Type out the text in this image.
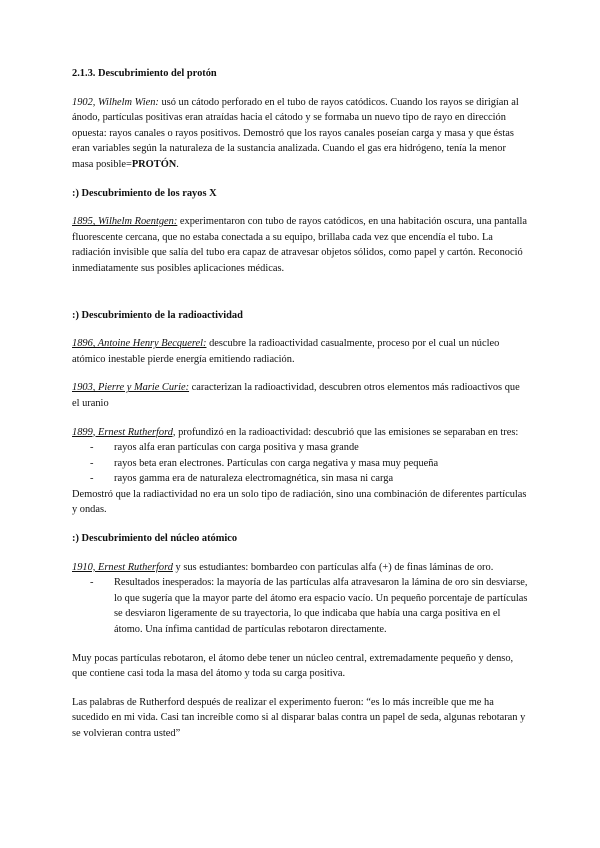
2.1.3. Descubrimiento del protón

1902, Wilhelm Wien: usó un cátodo perforado en el tubo de rayos catódicos. Cuando los rayos se dirigían al ánodo, partículas positivas eran atraídas hacia el cátodo y se formaba un nuevo tipo de rayo en dirección opuesta: rayos canales o rayos positivos. Demostró que los rayos canales poseían carga y masa y que éstas eran variables según la naturaleza de la sustancia analizada. Cuando el gas era hidrógeno, tenía la menor masa posible=PROTÓN.

:) Descubrimiento de los rayos X

1895, Wilhelm Roentgen: experimentaron con tubo de rayos catódicos, en una habitación oscura, una pantalla fluorescente cercana, que no estaba conectada a su equipo, brillaba cada vez que encendía el tubo. La radiación invisible que salía del tubo era capaz de atravesar objetos sólidos, como papel y cartón. Reconoció inmediatamente sus posibles aplicaciones médicas.

:) Descubrimiento de la radioactividad

1896, Antoine Henry Becquerel: descubre la radioactividad casualmente, proceso por el cual un núcleo atómico inestable pierde energía emitiendo radiación.

1903, Pierre y Marie Curie: caracterizan la radioactividad, descubren otros elementos más radioactivos que el uranio

1899, Ernest Rutherford, profundizó en la radioactividad: descubrió que las emisiones se separaban en tres:

- rayos alfa eran partículas con carga positiva y masa grande
- rayos beta eran electrones. Partículas con carga negativa y masa muy pequeña
- rayos gamma era de naturaleza electromagnética, sin masa ni carga

Demostró que la radiactividad no era un solo tipo de radiación, sino una combinación de diferentes partículas y ondas.

:) Descubrimiento del núcleo atómico

1910, Ernest Rutherford y sus estudiantes: bombardeo con partículas alfa (+) de finas láminas de oro.

- Resultados inesperados: la mayoría de las partículas alfa atravesaron la lámina de oro sin desviarse, lo que sugería que la mayor parte del átomo era espacio vacío. Un pequeño porcentaje de partículas se desviaron ligeramente de su trayectoria, lo que indicaba que había una carga positiva en el átomo. Una ínfima cantidad de partículas rebotaron directamente.

Muy pocas partículas rebotaron, el átomo debe tener un núcleo central, extremadamente pequeño y denso, que contiene casi toda la masa del átomo y toda su carga positiva.

Las palabras de Rutherford después de realizar el experimento fueron: “es lo más increíble que me ha sucedido en mi vida. Casi tan increíble como si al disparar balas contra un papel de seda, algunas rebotaran y se volvieran contra usted”
